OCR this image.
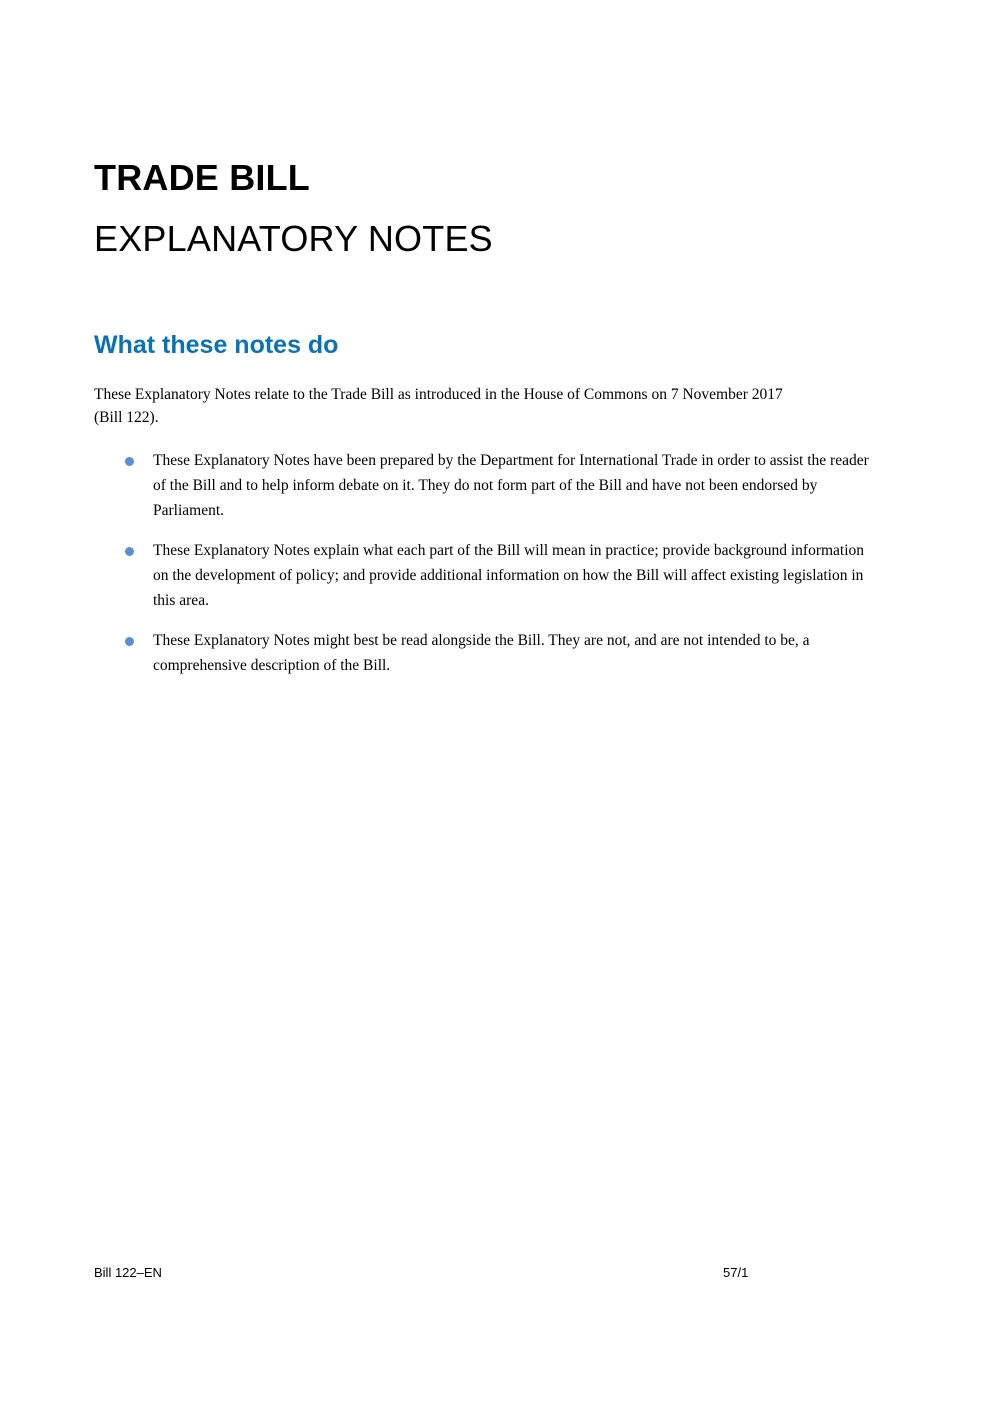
TRADE BILL
EXPLANATORY NOTES
What these notes do

These Explanatory Notes relate to the Trade Bill as introduced in the House of Commons on 7 November 2017 (Bill 122).

These Explanatory Notes have been prepared by the Department for International Trade in order to assist the reader of the Bill and to help inform debate on it. They do not form part of the Bill and have not been endorsed by Parliament.
These Explanatory Notes explain what each part of the Bill will mean in practice; provide background information on the development of policy; and provide additional information on how the Bill will affect existing legislation in this area.
These Explanatory Notes might best be read alongside the Bill. They are not, and are not intended to be, a comprehensive description of the Bill.
Bill 122–EN	57/1
